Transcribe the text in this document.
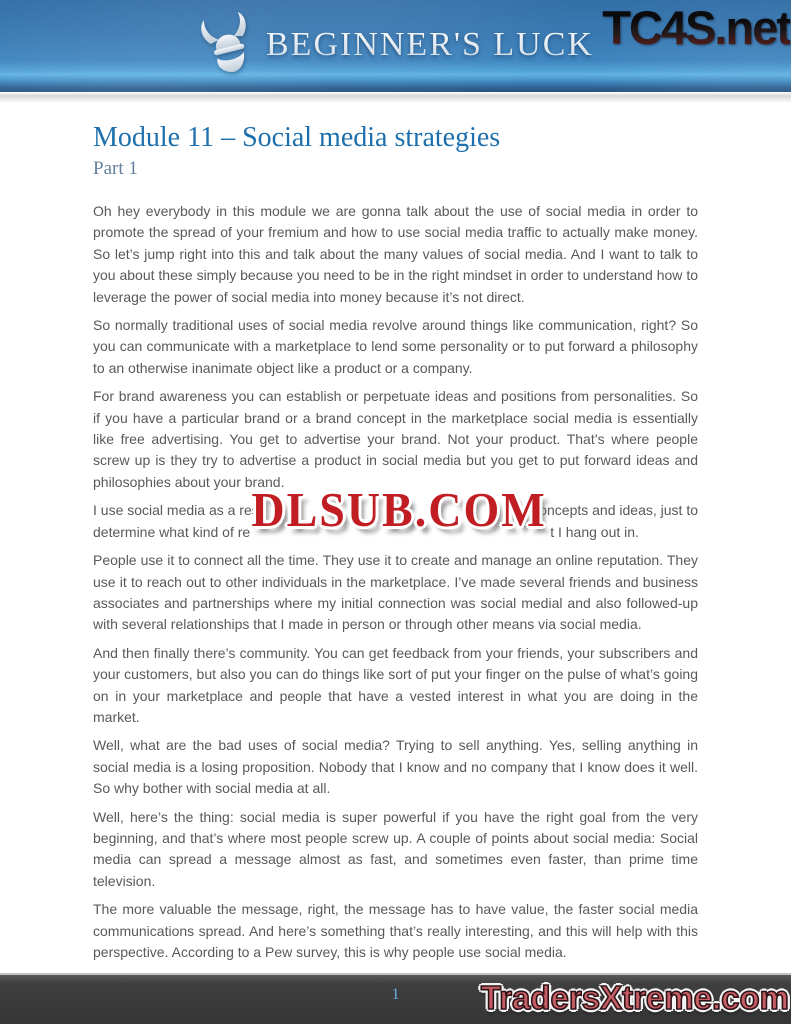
BEGINNER'S LUCK TC4S.net
Module 11 – Social media strategies
Part 1

Oh hey everybody in this module we are gonna talk about the use of social media in order to promote the spread of your fremium and how to use social media traffic to actually make money. So let’s jump right into this and talk about the many values of social media. And I want to talk to you about these simply because you need to be in the right mindset in order to understand how to leverage the power of social media into money because it’s not direct.

So normally traditional uses of social media revolve around things like communication, right? So you can communicate with a marketplace to lend some personality or to put forward a philosophy to an otherwise inanimate object like a product or a company.

For brand awareness you can establish or perpetuate ideas and positions from personalities. So if you have a particular brand or a brand concept in the marketplace social media is essentially like free advertising. You get to advertise your brand. Not your product. That’s where people screw up is they try to advertise a product in social media but you get to put forward ideas and philosophies about your brand.

I use social media as a rese	concepts and ideas, just to
determine what kind of re	t I hang out in.

People use it to connect all the time. They use it to create and manage an online reputation. They use it to reach out to other individuals in the marketplace. I’ve made several friends and business associates and partnerships where my initial connection was social medial and also followed-up with several relationships that I made in person or through other means via social media.

And then finally there’s community. You can get feedback from your friends, your subscribers and your customers, but also you can do things like sort of put your finger on the pulse of what’s going on in your marketplace and people that have a vested interest in what you are doing in the market.

Well, what are the bad uses of social media? Trying to sell anything. Yes, selling anything in social media is a losing proposition. Nobody that I know and no company that I know does it well. So why bother with social media at all.

Well, here’s the thing: social media is super powerful if you have the right goal from the very beginning, and that’s where most people screw up. A couple of points about social media: Social media can spread a message almost as fast, and sometimes even faster, than prime time television.

The more valuable the message, right, the message has to have value, the faster social media communications spread. And here’s something that’s really interesting, and this will help with this perspective. According to a Pew survey, this is why people use social media.

DLSUB.COM
1 TradersXtreme.com
